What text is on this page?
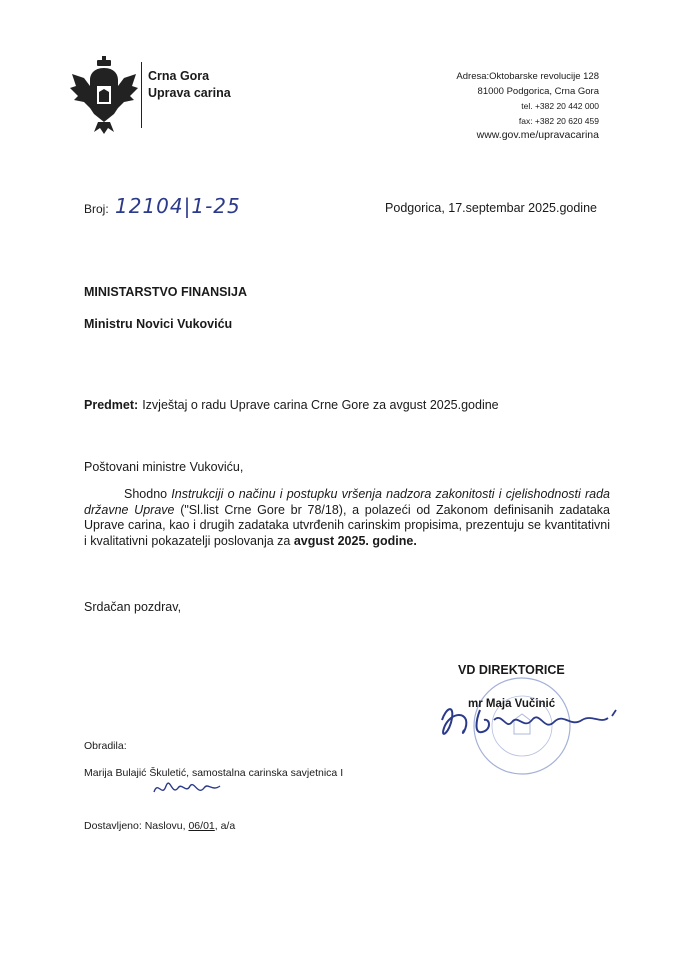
Crna Gora
Uprava carina
Adresa:Oktobarske revolucije 128
81000 Podgorica, Crna Gora
tel. +382 20 442 000
fax: +382 20 620 459
www.gov.me/upravacarina
Broj: 12104|1-25	Podgorica, 17.septembar 2025.godine
MINISTARSTVO FINANSIJA
Ministru Novici Vukoviću
Predmet: Izvještaj o radu Uprave carina Crne Gore za avgust 2025.godine
Poštovani ministre Vukoviću,

Shodno Instrukciji o načinu i postupku vršenja nadzora zakonitosti i cjelishodnosti rada državne Uprave ("Sl.list Crne Gore br 78/18), a polazeći od Zakonom definisanih zadataka Uprave carina, kao i drugih zadataka utvrđenih carinskim propisima, prezentuju se kvantitativni i kvalitativni pokazatelji poslovanja za avgust 2025. godine.

Srdačan pozdrav,
VD DIREKTORICE
mr Maja Vučinić
Obradila:
Marija Bulajić Škuletić, samostalna carinska savjetnica I
Dostavljeno: Naslovu, 06/01, a/a
